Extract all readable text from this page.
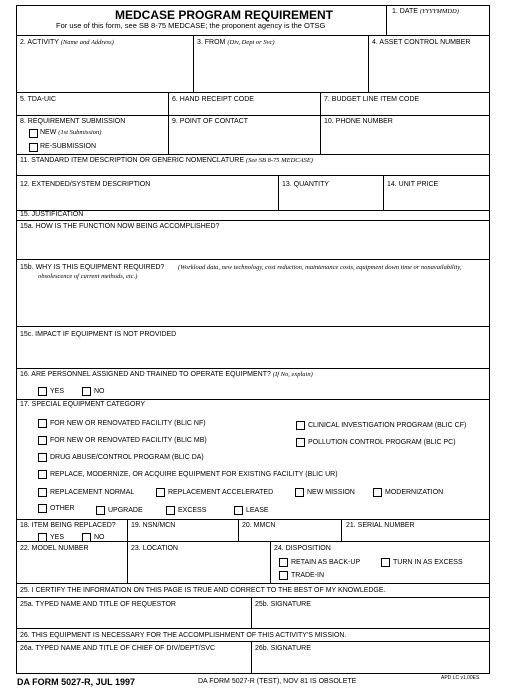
MEDCASE PROGRAM REQUIREMENT
For use of this form, see SB 8-75 MEDCASE; the proponent agency is the OTSG
1. DATE (YYYYMMDD)
2. ACTIVITY (Name and Address)	3. FROM (Div, Dept or Svc)	4. ASSET CONTROL NUMBER
5. TDA-UIC	6. HAND RECEIPT CODE	7. BUDGET LINE ITEM CODE
8. REQUIREMENT SUBMISSION
NEW (1st Submission)
RE-SUBMISSION
9. POINT OF CONTACT	10. PHONE NUMBER
11. STANDARD ITEM DESCRIPTION OR GENERIC NOMENCLATURE (See SB 8-75 MEDCASE)
12. EXTENDED/SYSTEM DESCRIPTION	13. QUANTITY	14. UNIT PRICE
15. JUSTIFICATION
15a. HOW IS THE FUNCTION NOW BEING ACCOMPLISHED?
15b. WHY IS THIS EQUIPMENT REQUIRED?	(Workload data, new technology, cost reduction, maintenance costs, equipment down time or nonavailability, obsolescence of current methods, etc.)
15c. IMPACT IF EQUIPMENT IS NOT PROVIDED
16. ARE PERSONNEL ASSIGNED AND TRAINED TO OPERATE EQUIPMENT? (If No, explain)
YES	NO
17. SPECIAL EQUIPMENT CATEGORY
FOR NEW OR RENOVATED FACILITY (BLIC NF)	CLINICAL INVESTIGATION PROGRAM (BLIC CF)
FOR NEW OR RENOVATED FACILITY (BLIC MB)	POLLUTION CONTROL PROGRAM (BLIC PC)
DRUG ABUSE/CONTROL PROGRAM (BLIC DA)
REPLACE, MODERNIZE, OR ACQUIRE EQUIPMENT FOR EXISTING FACILITY (BLIC UR)
REPLACEMENT NORMAL	REPLACEMENT ACCELERATED	NEW MISSION	MODERNIZATION
OTHER	UPGRADE	EXCESS	LEASE
18. ITEM BEING REPLACED?
YES	NO
19. NSN/MCN	20. MMCN	21. SERIAL NUMBER
22. MODEL NUMBER	23. LOCATION	24. DISPOSITION
RETAIN AS BACK-UP	TURN IN AS EXCESS
TRADE-IN
25. I CERTIFY THE INFORMATION ON THIS PAGE IS TRUE AND CORRECT TO THE BEST OF MY KNOWLEDGE.
25a. TYPED NAME AND TITLE OF REQUESTOR	25b. SIGNATURE
26. THIS EQUIPMENT IS NECESSARY FOR THE ACCOMPLISHMENT OF THIS ACTIVITY'S MISSION.
26a. TYPED NAME AND TITLE OF CHIEF OF DIV/DEPT/SVC	26b. SIGNATURE
DA FORM 5027-R, JUL 1997	DA FORM 5027-R (TEST), NOV 81 IS OBSOLETE	APD LC v1.00ES
